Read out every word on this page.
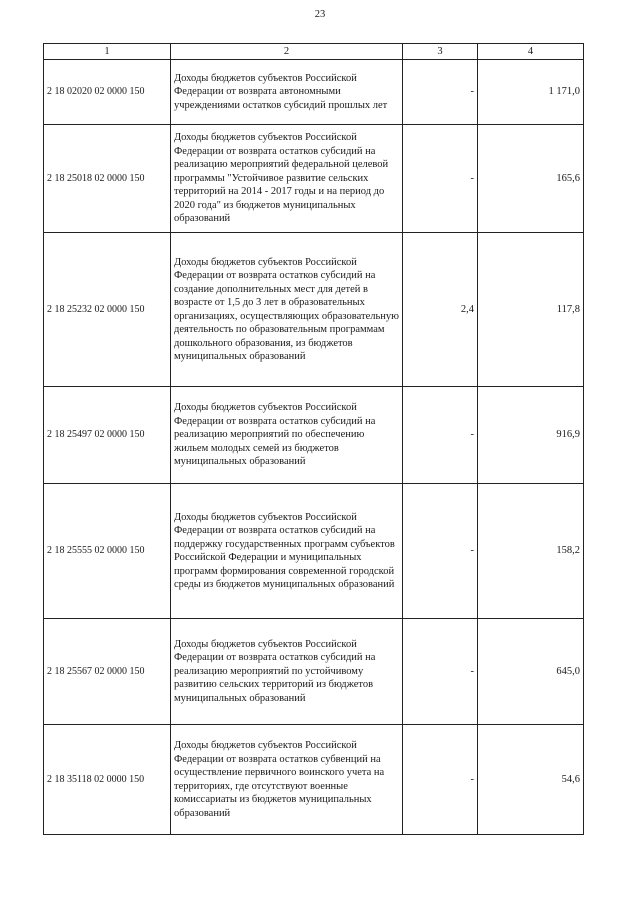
23
1	2	3	4
2 18 02020 02 0000 150	Доходы бюджетов субъектов Российской Федерации от возврата автономными учреждениями остатков субсидий прошлых лет	-	1 171,0
2 18 25018 02 0000 150	Доходы бюджетов субъектов Российской Федерации от возврата остатков субсидий на реализацию мероприятий федеральной целевой программы "Устойчивое развитие сельских территорий на 2014 - 2017 годы и на период до 2020 года" из бюджетов муниципальных образований	-	165,6
2 18 25232 02 0000 150	Доходы бюджетов субъектов Российской Федерации от возврата остатков субсидий на создание дополнительных мест для детей в возрасте от 1,5 до 3 лет в образовательных организациях, осуществляющих образовательную деятельность по образовательным программам дошкольного образования, из бюджетов муниципальных образований	2,4	117,8
2 18 25497 02 0000 150	Доходы бюджетов субъектов Российской Федерации от возврата остатков субсидий на реализацию мероприятий по обеспечению жильем молодых семей из бюджетов муниципальных образований	-	916,9
2 18 25555 02 0000 150	Доходы бюджетов субъектов Российской Федерации от возврата остатков субсидий на поддержку государственных программ субъектов Российской Федерации и муниципальных программ формирования современной городской среды из бюджетов муниципальных образований	-	158,2
2 18 25567 02 0000 150	Доходы бюджетов субъектов Российской Федерации от возврата остатков субсидий на реализацию мероприятий по устойчивому развитию сельских территорий из бюджетов муниципальных образований	-	645,0
2 18 35118 02 0000 150	Доходы бюджетов субъектов Российской Федерации от возврата остатков субвенций на осуществление первичного воинского учета на территориях, где отсутствуют военные комиссариаты из бюджетов муниципальных образований	-	54,6
